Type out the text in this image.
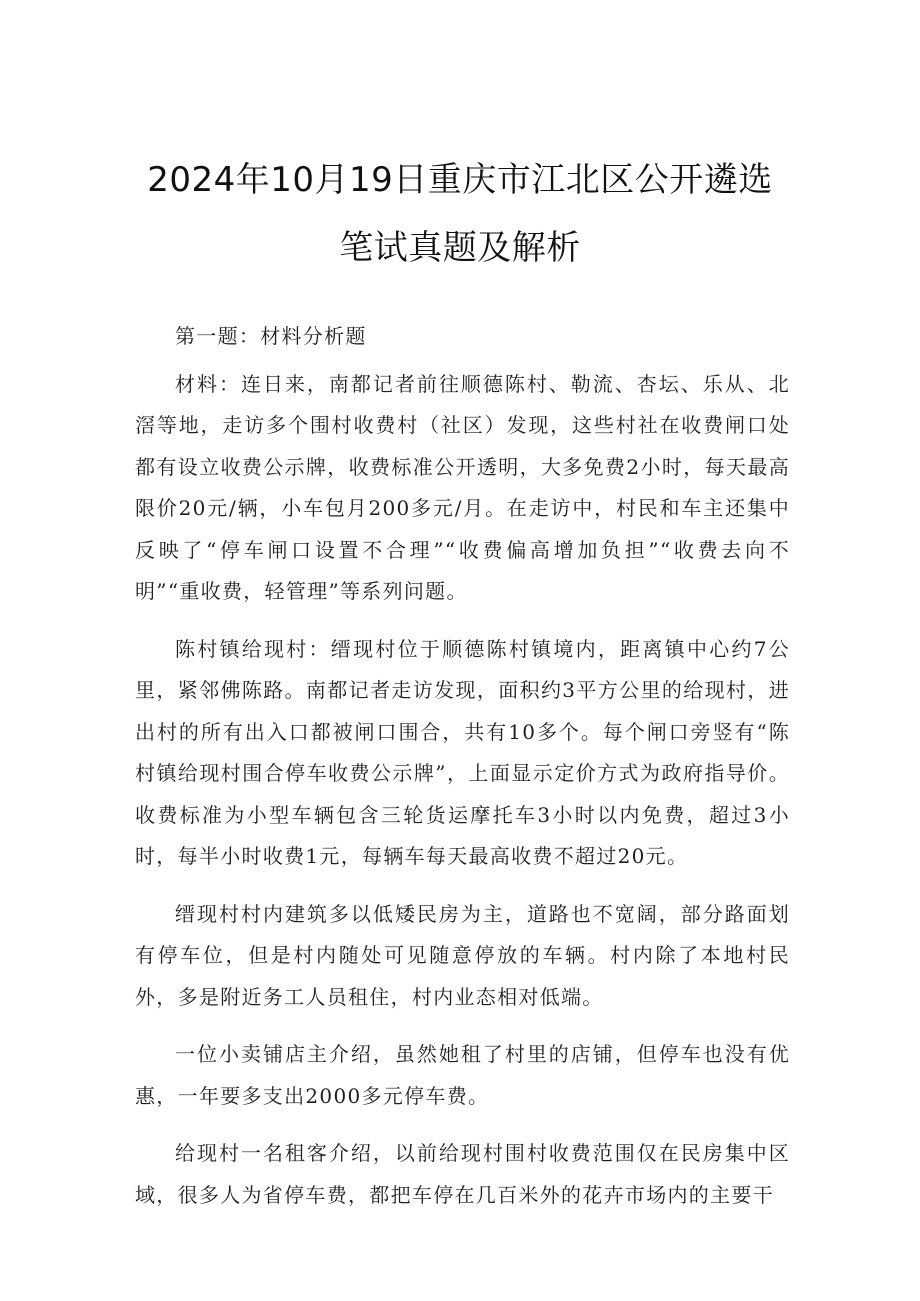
2024年10月19日重庆市江北区公开遴选
笔试真题及解析

第一题：材料分析题

材料：连日来，南都记者前往顺德陈村、勒流、杏坛、乐从、北滘等地，走访多个围村收费村（社区）发现，这些村社在收费闸口处都有设立收费公示牌，收费标准公开透明，大多免费2小时，每天最高限价20元/辆，小车包月200多元/月。在走访中，村民和车主还集中反映了“停车闸口设置不合理”“收费偏高增加负担”“收费去向不明”“重收费，轻管理”等系列问题。

陈村镇给现村：缙现村位于顺德陈村镇境内，距离镇中心约7公里，紧邻佛陈路。南都记者走访发现，面积约3平方公里的给现村，进出村的所有出入口都被闸口围合，共有10多个。每个闸口旁竖有“陈村镇给现村围合停车收费公示牌”，上面显示定价方式为政府指导价。收费标准为小型车辆包含三轮货运摩托车3小时以内免费，超过3小时，每半小时收费1元，每辆车每天最高收费不超过20元。

缙现村村内建筑多以低矮民房为主，道路也不宽阔，部分路面划有停车位，但是村内随处可见随意停放的车辆。村内除了本地村民外，多是附近务工人员租住，村内业态相对低端。

一位小卖铺店主介绍，虽然她租了村里的店铺，但停车也没有优惠，一年要多支出2000多元停车费。

给现村一名租客介绍，以前给现村围村收费范围仅在民房集中区域，很多人为省停车费，都把车停在几百米外的花卉市场内的主要干
